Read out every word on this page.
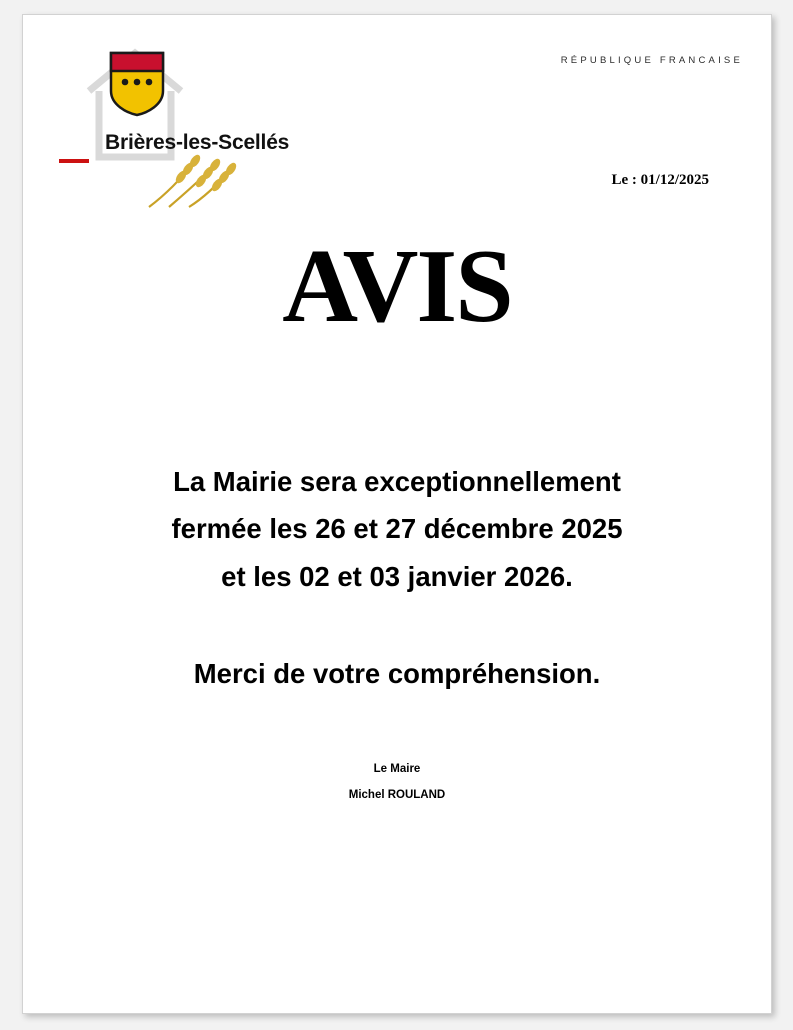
Brières-les-Scellés
RÉPUBLIQUE FRANCAISE
Le : 01/12/2025
AVIS
La Mairie sera exceptionnellement
fermée les 26 et 27 décembre 2025
et les 02 et 03 janvier 2026.
Merci de votre compréhension.
Le Maire
Michel ROULAND
